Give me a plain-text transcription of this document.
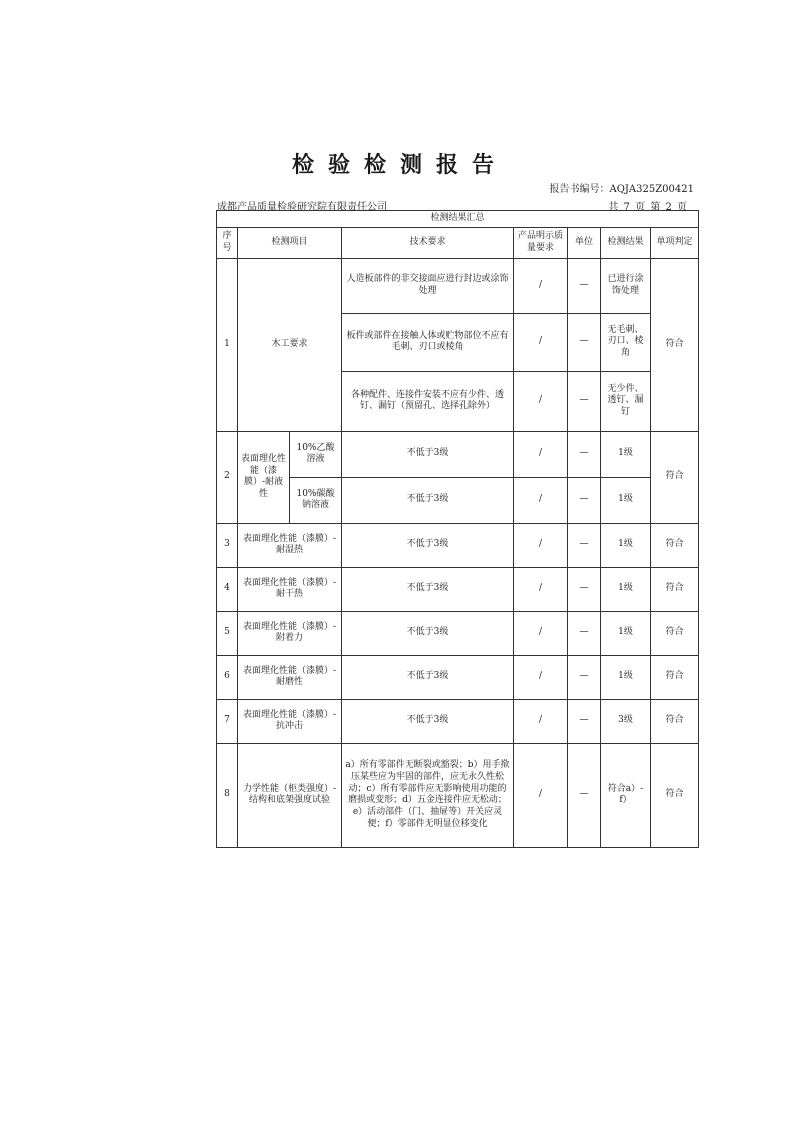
检验检测报告
报告书编号：AQJA325Z00421
成都产品质量检验研究院有限责任公司	共 7 页 第 2 页
检测结果汇总							
序号	检测项目		技术要求	产品明示质量要求	单位	检测结果	单项判定
1	木工要求		人造板部件的非交接面应进行封边或涂饰处理	/	—	已进行涂饰处理	符合
			板件或部件在接触人体或贮物部位不应有毛刺、刃口或棱角	/	—	无毛刺、刃口、棱角	
			各种配件、连接件安装不应有少件、透钉、漏钉（预留孔、选择孔除外）	/	—	无少件、透钉、漏钉	
2	表面理化性能（漆膜）-耐液性	10%乙酸溶液	不低于3级	/	—	1级	符合
		10%碳酸钠溶液	不低于3级	/	—	1级	
3	表面理化性能（漆膜）-耐湿热		不低于3级	/	—	1级	符合
4	表面理化性能（漆膜）-耐干热		不低于3级	/	—	1级	符合
5	表面理化性能（漆膜）-附着力		不低于3级	/	—	1级	符合
6	表面理化性能（漆膜）-耐磨性		不低于3级	/	—	1级	符合
7	表面理化性能（漆膜）-抗冲击		不低于3级	/	—	3级	符合
8	力学性能（柜类强度）-结构和底架强度试验		a）所有零部件无断裂或豁裂；b）用手揿压某些应为牢固的部件，应无永久性松动；c）所有零部件应无影响使用功能的磨损或变形；d）五金连接件应无松动；e）活动部件（门、抽屉等）开关应灵便；f）零部件无明显位移变化	/	—	符合a）-f）	符合
